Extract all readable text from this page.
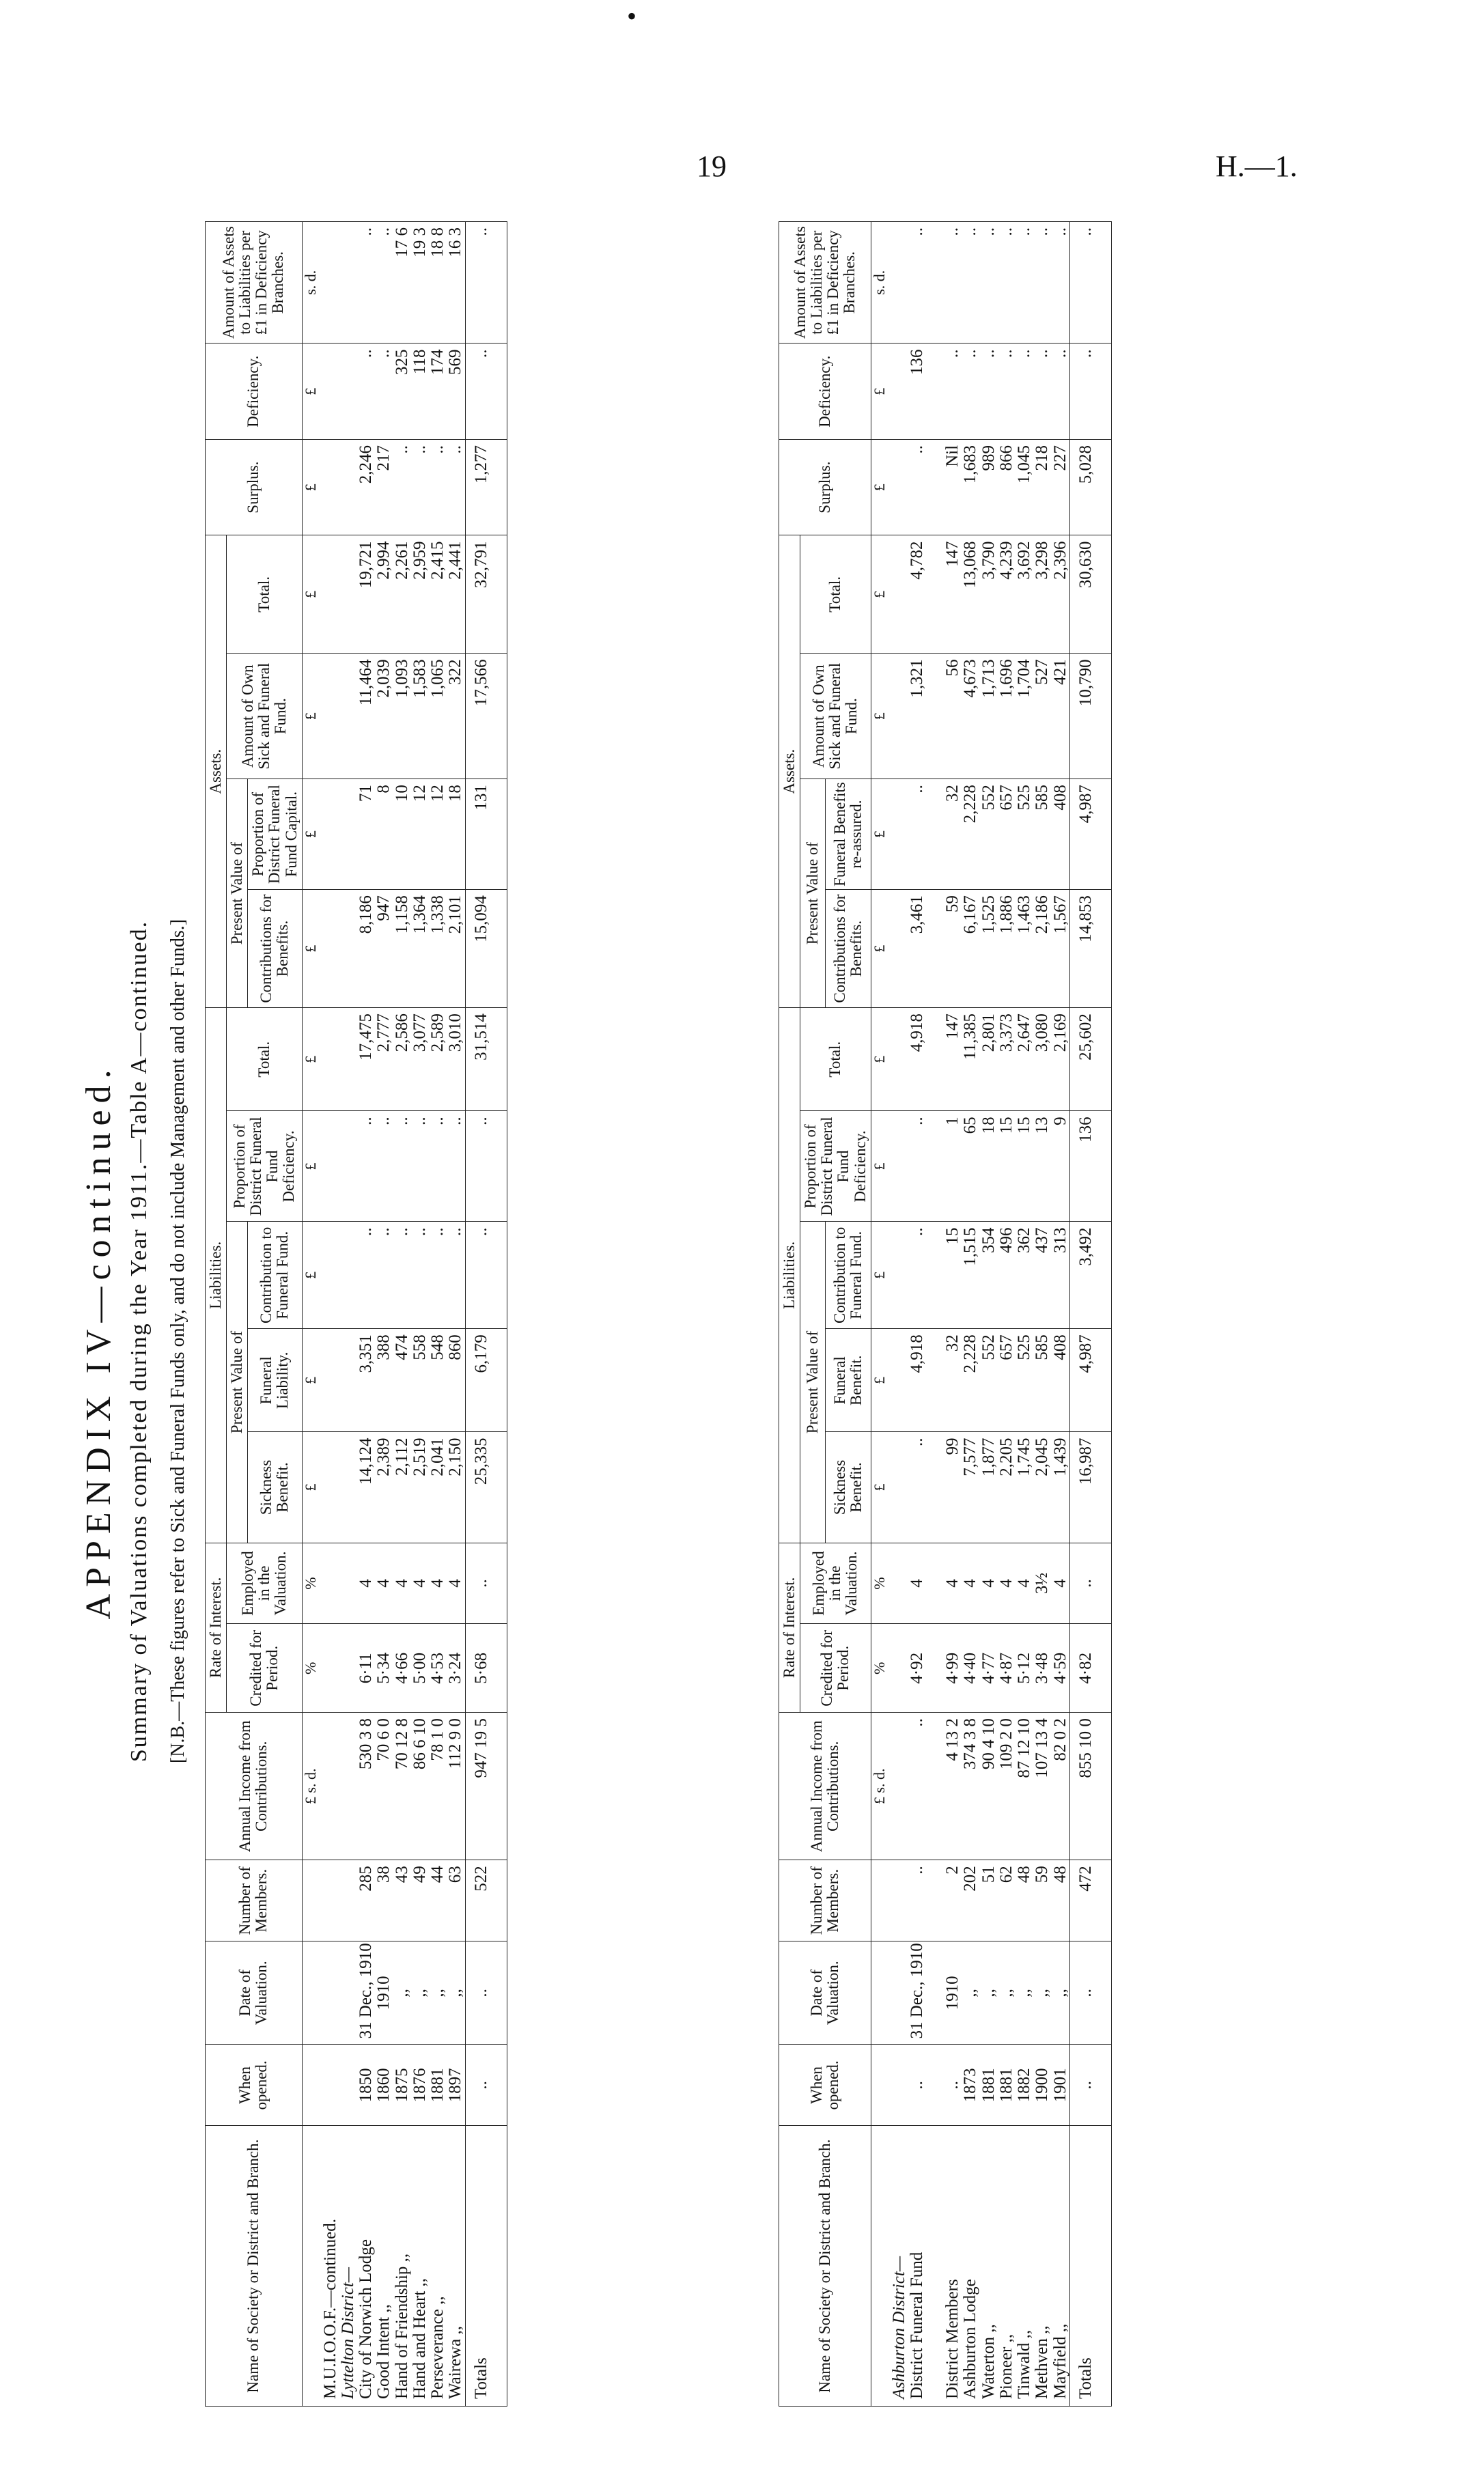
•
19	H.—1.
APPENDIX IV—continued. Summary of Valuations completed during the Year 1911.—Table A—continued. [N.B.—These figures refer to Sick and Funeral Funds only, and do not include Management and other Funds.]
Name of Society or District and Branch.	When opened.	Date of Valuation.	Number of Members.	Annual Income from Contributions.	Rate of Interest.		Liabilities.					Assets.				Surplus.	Deficiency.	Amount of Assets to Liabilities per £1 in Deficiency Branches.
					Credited for Period.	Employed in the Valuation.	Present Value of			Proportion of District Funeral Fund Deficiency.	Total.	Present Value of		Amount of Own Sick and Funeral Fund.	Total.			
							Sickness Benefit.	Funeral Liability.	Contribution to Funeral Fund.			Contributions for Benefits.	Proportion of District Funeral Fund Capital.					
				£ s. d.	%	%	£	£	£	£	£	£	£	£	£	£	£	s. d.
M.U.I.O.O.F.—continued.																		
Lyttelton District—																		
City of Norwich Lodge	1850	31 Dec., 1910	285	530 3 8	6·11	4	14,124	3,351	..	..	17,475	8,186	71	11,464	19,721	2,246	..	..
Good Intent ,,	1860	1910	38	70 6 0	5·34	4	2,389	388	..	..	2,777	947	8	2,039	2,994	217	..	..
Hand of Friendship ,,	1875	,,	43	70 12 8	4·66	4	2,112	474	..	..	2,586	1,158	10	1,093	2,261	..	325	17 6
Hand and Heart ,,	1876	,,	49	86 6 10	5·00	4	2,519	558	..	..	3,077	1,364	12	1,583	2,959	..	118	19 3
Perseverance ,,	1881	,,	44	78 1 0	4·53	4	2,041	548	..	..	2,589	1,338	12	1,065	2,415	..	174	18 8
Wairewa ,,	1897	,,	63	112 9 0	3·24	4	2,150	860	..	..	3,010	2,101	18	322	2,441	..	569	16 3
Totals	..	..	522	947 19 5	5·68	..	25,335	6,179	..	..	31,514	15,094	131	17,566	32,791	1,277	..	..
Name of Society or District and Branch.	When opened.	Date of Valuation.	Number of Members.	Annual Income from Contributions.	Rate of Interest.		Liabilities.					Assets.				Surplus.	Deficiency.	Amount of Assets to Liabilities per £1 in Deficiency Branches.
					Credited for Period.	Employed in the Valuation.	Present Value of			Proportion of District Funeral Fund Deficiency.	Total.	Present Value of		Amount of Own Sick and Funeral Fund.	Total.			
							Sickness Benefit.	Funeral Benefit.	Contribution to Funeral Fund.			Contributions for Benefits.	Funeral Benefits re-assured.					
				£ s. d.	%	%	£	£	£	£	£	£	£	£	£	£	£	s. d.
Ashburton District—																		
District Funeral Fund	..	31 Dec., 1910	..	..	4·92	4	..	4,918	..	..	4,918	3,461	..	1,321	4,782	..	136	..

District Members	..	1910	2	4 13 2	4·99	4	99	32	15	1	147	59	32	56	147	Nil	..	..
Ashburton Lodge	1873	,,	202	374 3 8	4·40	4	7,577	2,228	1,515	65	11,385	6,167	2,228	4,673	13,068	1,683	..	..
Waterton ,,	1881	,,	51	90 4 10	4·77	4	1,877	552	354	18	2,801	1,525	552	1,713	3,790	989	..	..
Pioneer ,,	1881	,,	62	109 2 0	4·87	4	2,205	657	496	15	3,373	1,886	657	1,696	4,239	866	..	..
Tinwald ,,	1882	,,	48	87 12 10	5·12	4	1,745	525	362	15	2,647	1,463	525	1,704	3,692	1,045	..	..
Methven ,,	1900	,,	59	107 13 4	3·48	3½	2,045	585	437	13	3,080	2,186	585	527	3,298	218	..	..
Mayfield ,,	1901	,,	48	82 0 2	4·59	4	1,439	408	313	9	2,169	1,567	408	421	2,396	227	..	..
Totals	..	..	472	855 10 0	4·82	..	16,987	4,987	3,492	136	25,602	14,853	4,987	10,790	30,630	5,028	..	..
